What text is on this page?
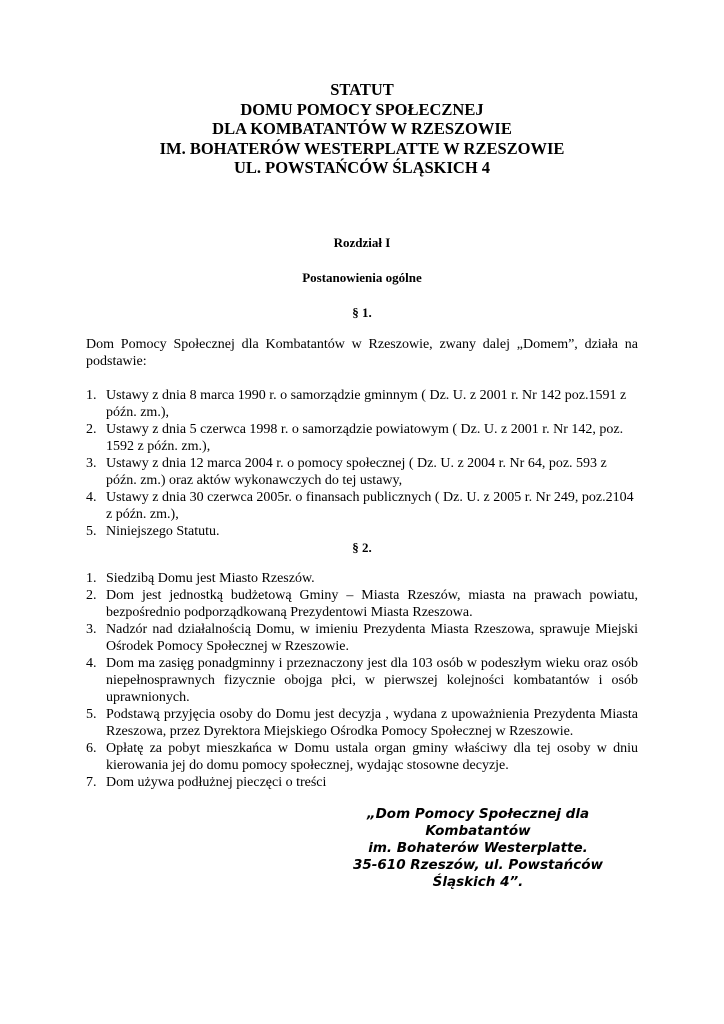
STATUT
DOMU POMOCY SPOŁECZNEJ
DLA KOMBATANTÓW W RZESZOWIE
IM. BOHATERÓW WESTERPLATTE W RZESZOWIE
UL. POWSTAŃCÓW ŚLĄSKICH 4
Rozdział I
Postanowienia ogólne
§ 1.
Dom Pomocy Społecznej dla Kombatantów w Rzeszowie, zwany dalej „Domem”, działa na podstawie:
1. Ustawy z dnia 8 marca 1990 r. o samorządzie gminnym ( Dz. U. z 2001 r. Nr 142 poz.1591 z późn. zm.),
2. Ustawy z dnia 5 czerwca 1998 r. o samorządzie powiatowym ( Dz. U. z 2001 r. Nr 142, poz. 1592 z późn. zm.),
3. Ustawy z dnia 12 marca 2004 r. o pomocy społecznej ( Dz. U. z 2004 r. Nr 64, poz. 593 z późn. zm.) oraz aktów wykonawczych do tej ustawy,
4. Ustawy z dnia 30 czerwca 2005r. o finansach publicznych ( Dz. U. z 2005 r. Nr 249, poz.2104 z późn. zm.),
5. Niniejszego Statutu.
§ 2.
1. Siedzibą Domu jest Miasto Rzeszów.
2. Dom jest jednostką budżetową Gminy – Miasta Rzeszów, miasta na prawach powiatu, bezpośrednio podporządkowaną Prezydentowi Miasta Rzeszowa.
3. Nadzór nad działalnością Domu, w imieniu Prezydenta Miasta Rzeszowa, sprawuje Miejski Ośrodek Pomocy Społecznej w Rzeszowie.
4. Dom ma zasięg ponadgminny i przeznaczony jest dla 103 osób w podeszłym wieku oraz osób niepełnosprawnych fizycznie obojga płci, w pierwszej kolejności kombatantów i osób uprawnionych.
5. Podstawą przyjęcia osoby do Domu jest decyzja , wydana z upoważnienia Prezydenta Miasta Rzeszowa, przez Dyrektora Miejskiego Ośrodka Pomocy Społecznej w Rzeszowie.
6. Opłatę za pobyt mieszkańca w Domu ustala organ gminy właściwy dla tej osoby w dniu kierowania jej do domu pomocy społecznej, wydając stosowne decyzje.
7. Dom używa podłużnej pieczęci o treści
„Dom Pomocy Społecznej dla
Kombatantów
im. Bohaterów Westerplatte.
35-610 Rzeszów, ul. Powstańców
Śląskich 4”.
